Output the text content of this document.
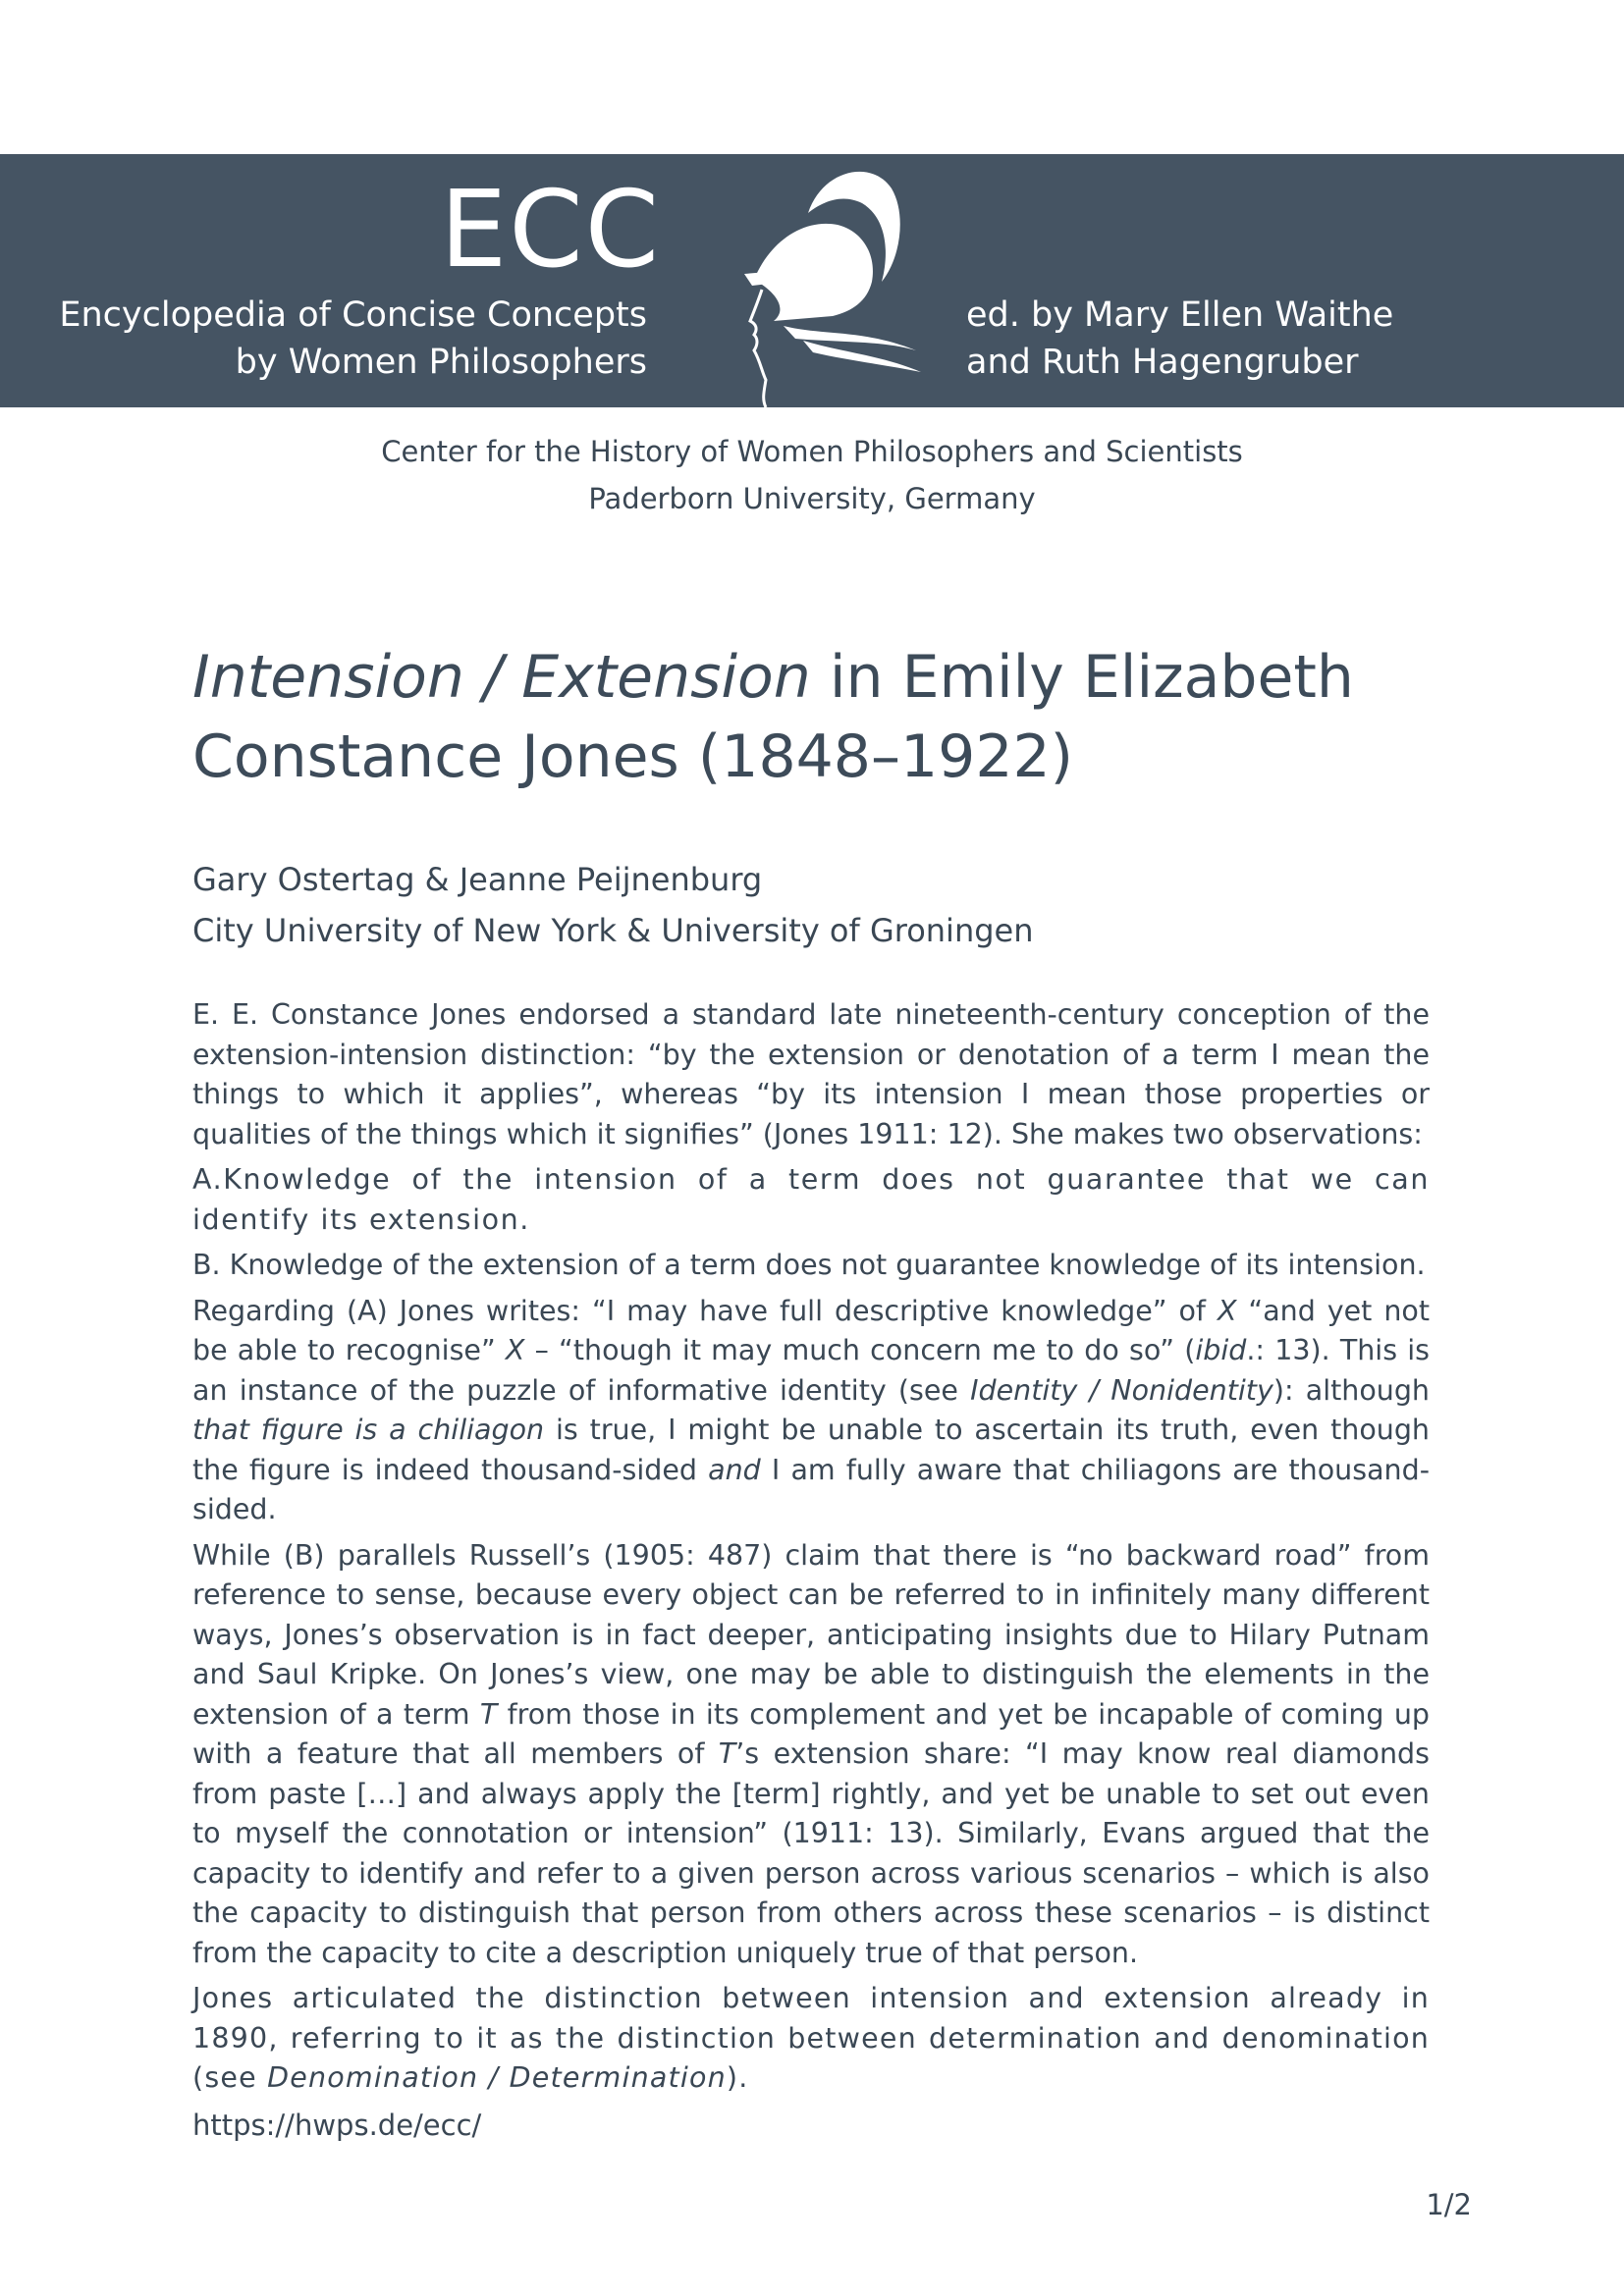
ECC
Encyclopedia of Concise Concepts
by Women Philosophers
ed. by Mary Ellen Waithe
and Ruth Hagengruber
Center for the History of Women Philosophers and Scientists
Paderborn University, Germany
Intension / Extension in Emily Elizabeth Constance Jones (1848–1922)
Gary Ostertag & Jeanne Peijnenburg
City University of New York & University of Groningen

E. E. Constance Jones endorsed a standard late nineteenth-century conception of the extension-intension distinction: “by the extension or denotation of a term I mean the things to which it applies”, whereas “by its intension I mean those properties or qualities of the things which it signifies” (Jones 1911: 12). She makes two observations:

A.Knowledge of the intension of a term does not guarantee that we can identify its extension.

B. Knowledge of the extension of a term does not guarantee knowledge of its intension.

Regarding (A) Jones writes: “I may have full descriptive knowledge” of X “and yet not be able to recognise” X – “though it may much concern me to do so” (ibid.: 13). This is an instance of the puzzle of informative identity (see Identity / Nonidentity): although that figure is a chiliagon is true, I might be unable to ascertain its truth, even though the figure is indeed thousand-sided and I am fully aware that chiliagons are thousand-sided.

While (B) parallels Russell’s (1905: 487) claim that there is “no backward road” from reference to sense, because every object can be referred to in infinitely many different ways, Jones’s observation is in fact deeper, anticipating insights due to Hilary Putnam and Saul Kripke. On Jones’s view, one may be able to distinguish the elements in the extension of a term T from those in its complement and yet be incapable of coming up with a feature that all members of T’s extension share: “I may know real diamonds from paste […] and always apply the [term] rightly, and yet be unable to set out even to myself the connotation or intension” (1911: 13). Similarly, Evans argued that the capacity to identify and refer to a given person across various scenarios – which is also the capacity to distinguish that person from others across these scenarios – is distinct from the capacity to cite a description uniquely true of that person.

Jones articulated the distinction between intension and extension already in 1890, referring to it as the distinction between determination and denomination (see Denomination / Determination).

https://hwps.de/ecc/
1/2
